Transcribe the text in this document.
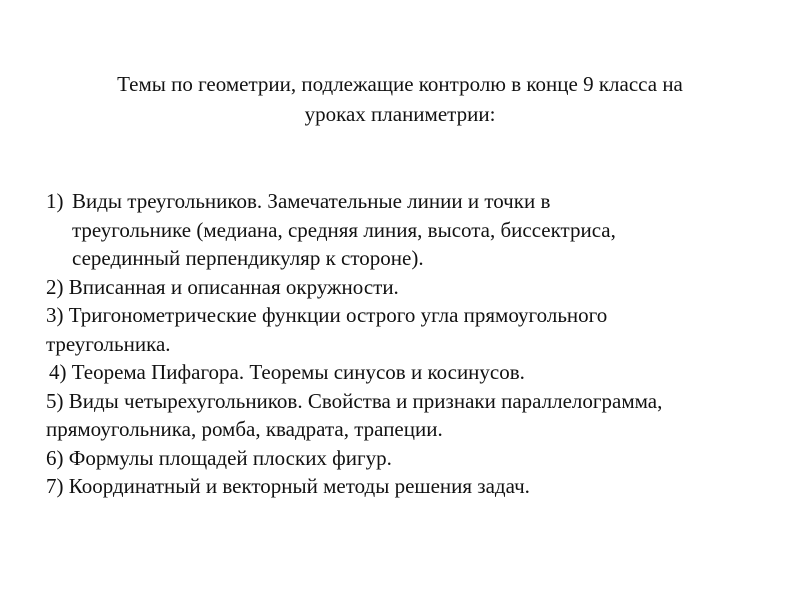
Темы по геометрии, подлежащие контролю в конце 9 класса на
уроках планиметрии:
1) Виды треугольников. Замечательные линии и точки в
треугольнике (медиана, средняя линия, высота, биссектриса,
серединный перпендикуляр к стороне).
2) Вписанная и описанная окружности.
3) Тригонометрические функции острого угла прямоугольного
треугольника.
4) Теорема Пифагора. Теоремы синусов и косинусов.
5) Виды четырехугольников. Свойства и признаки параллелограмма,
прямоугольника, ромба, квадрата, трапеции.
6) Формулы площадей плоских фигур.
7) Координатный и векторный методы решения задач.
